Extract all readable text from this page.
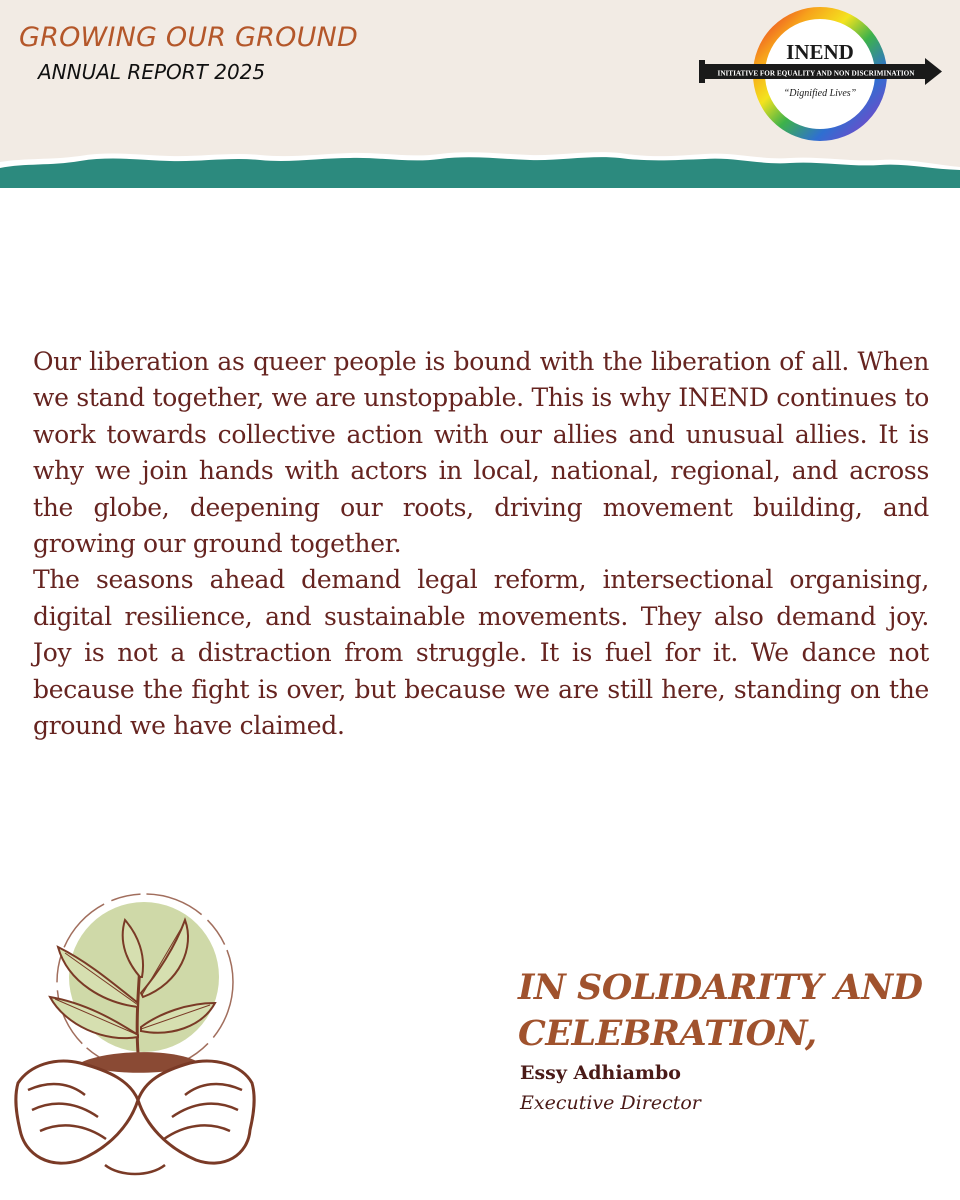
GROWING OUR GROUND
ANNUAL REPORT 2025
INEND
INITIATIVE FOR EQUALITY AND NON DISCRIMINATION
“Dignified Lives”

Our liberation as queer people is bound with the liberation of all. When we stand together, we are unstoppable. This is why INEND continues to work towards collective action with our allies and unusual allies. It is why we join hands with actors in local, national, regional, and across the globe, deepening our roots, driving movement building, and growing our ground together.

The seasons ahead demand legal reform, intersectional organising, digital resilience, and sustainable movements. They also demand joy. Joy is not a distraction from struggle. It is fuel for it. We dance not because the fight is over, but because we are still here, standing on the ground we have claimed.

IN SOLIDARITY AND
CELEBRATION,
Essy Adhiambo
Executive Director
